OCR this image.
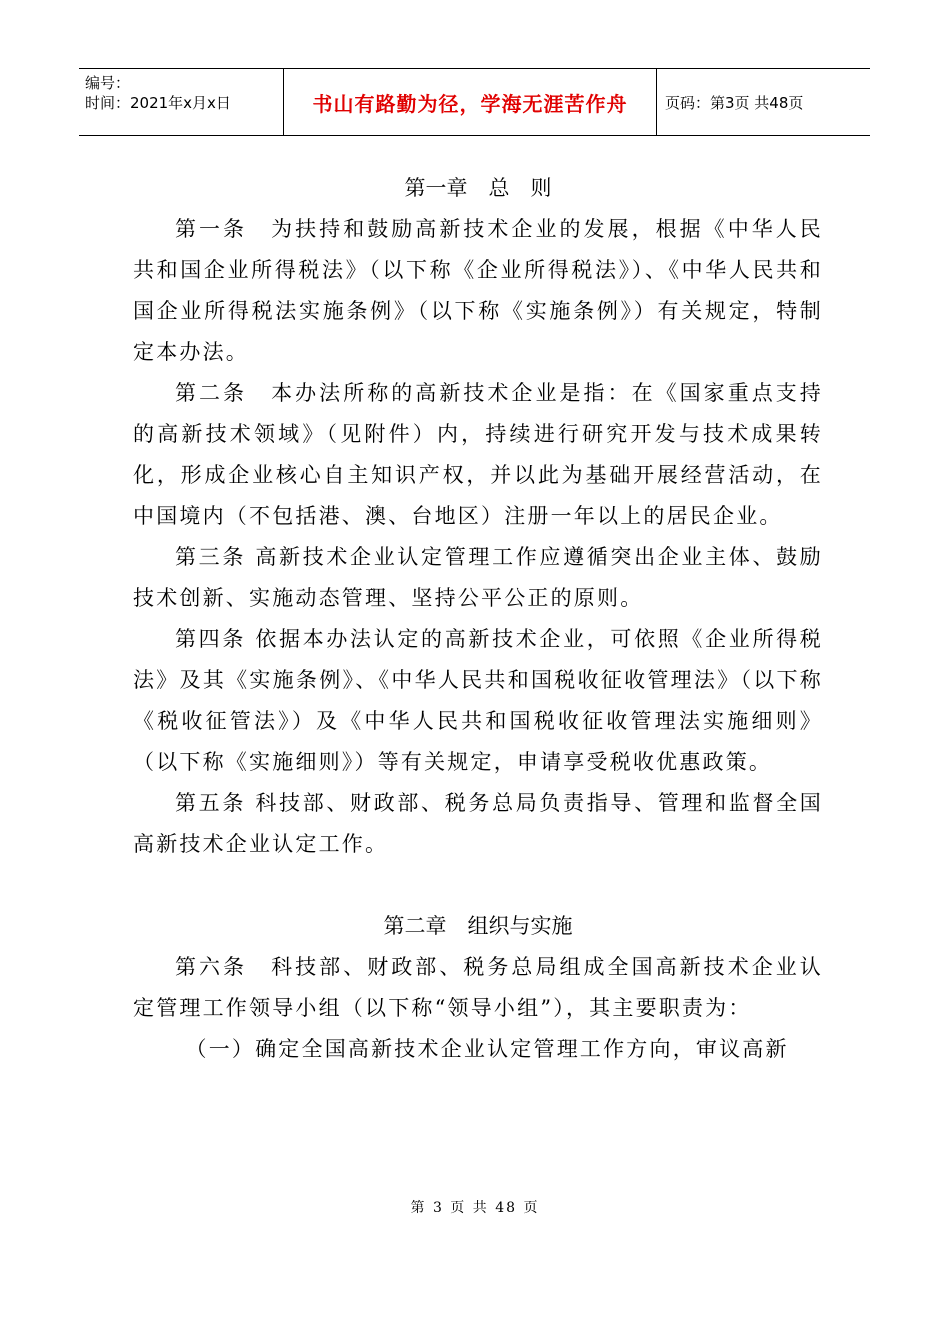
编号：
时间：2021年x月x日	书山有路勤为径，学海无涯苦作舟	页码：第3页 共48页
第一章　总　则

第一条　为扶持和鼓励高新技术企业的发展，根据《中华人民共和国企业所得税法》（以下称《企业所得税法》）、《中华人民共和国企业所得税法实施条例》（以下称《实施条例》）有关规定，特制定本办法。

第二条　本办法所称的高新技术企业是指：在《国家重点支持的高新技术领域》（见附件）内，持续进行研究开发与技术成果转化，形成企业核心自主知识产权，并以此为基础开展经营活动，在中国境内（不包括港、澳、台地区）注册一年以上的居民企业。

第三条 高新技术企业认定管理工作应遵循突出企业主体、鼓励技术创新、实施动态管理、坚持公平公正的原则。

第四条 依据本办法认定的高新技术企业，可依照《企业所得税法》及其《实施条例》、《中华人民共和国税收征收管理法》（以下称《税收征管法》）及《中华人民共和国税收征收管理法实施细则》（以下称《实施细则》）等有关规定，申请享受税收优惠政策。

第五条 科技部、财政部、税务总局负责指导、管理和监督全国高新技术企业认定工作。

第二章　组织与实施

第六条　科技部、财政部、税务总局组成全国高新技术企业认定管理工作领导小组（以下称“领导小组”），其主要职责为：

（一）确定全国高新技术企业认定管理工作方向，审议高新

第 3 页 共 48 页
